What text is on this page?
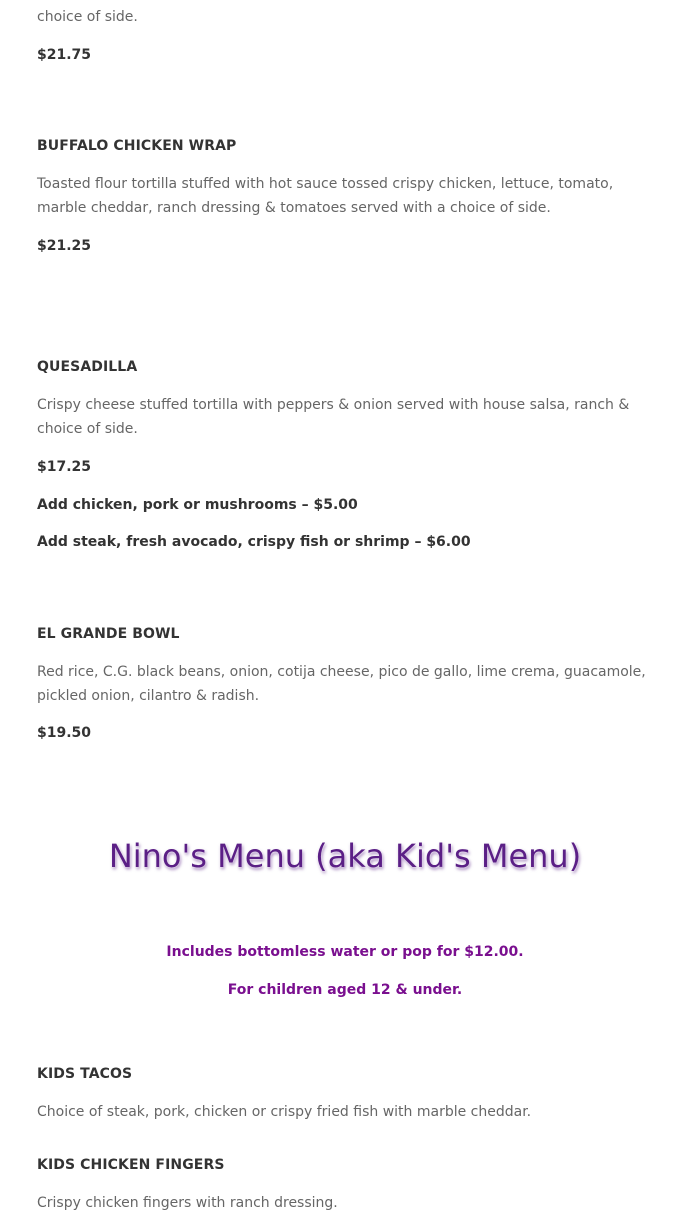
choice of side.

$21.75

BUFFALO CHICKEN WRAP

Toasted flour tortilla stuffed with hot sauce tossed crispy chicken, lettuce, tomato, marble cheddar, ranch dressing & tomatoes served with a choice of side.

$21.25

QUESADILLA

Crispy cheese stuffed tortilla with peppers & onion served with house salsa, ranch & choice of side.

$17.25

Add chicken, pork or mushrooms – $5.00

Add steak, fresh avocado, crispy fish or shrimp – $6.00

EL GRANDE BOWL

Red rice, C.G. black beans, onion, cotija cheese, pico de gallo, lime crema, guacamole, pickled onion, cilantro & radish.

$19.50

Nino's Menu (aka Kid's Menu)

Includes bottomless water or pop for $12.00.

For children aged 12 & under.

KIDS TACOS

Choice of steak, pork, chicken or crispy fried fish with marble cheddar.

KIDS CHICKEN FINGERS

Crispy chicken fingers with ranch dressing.
